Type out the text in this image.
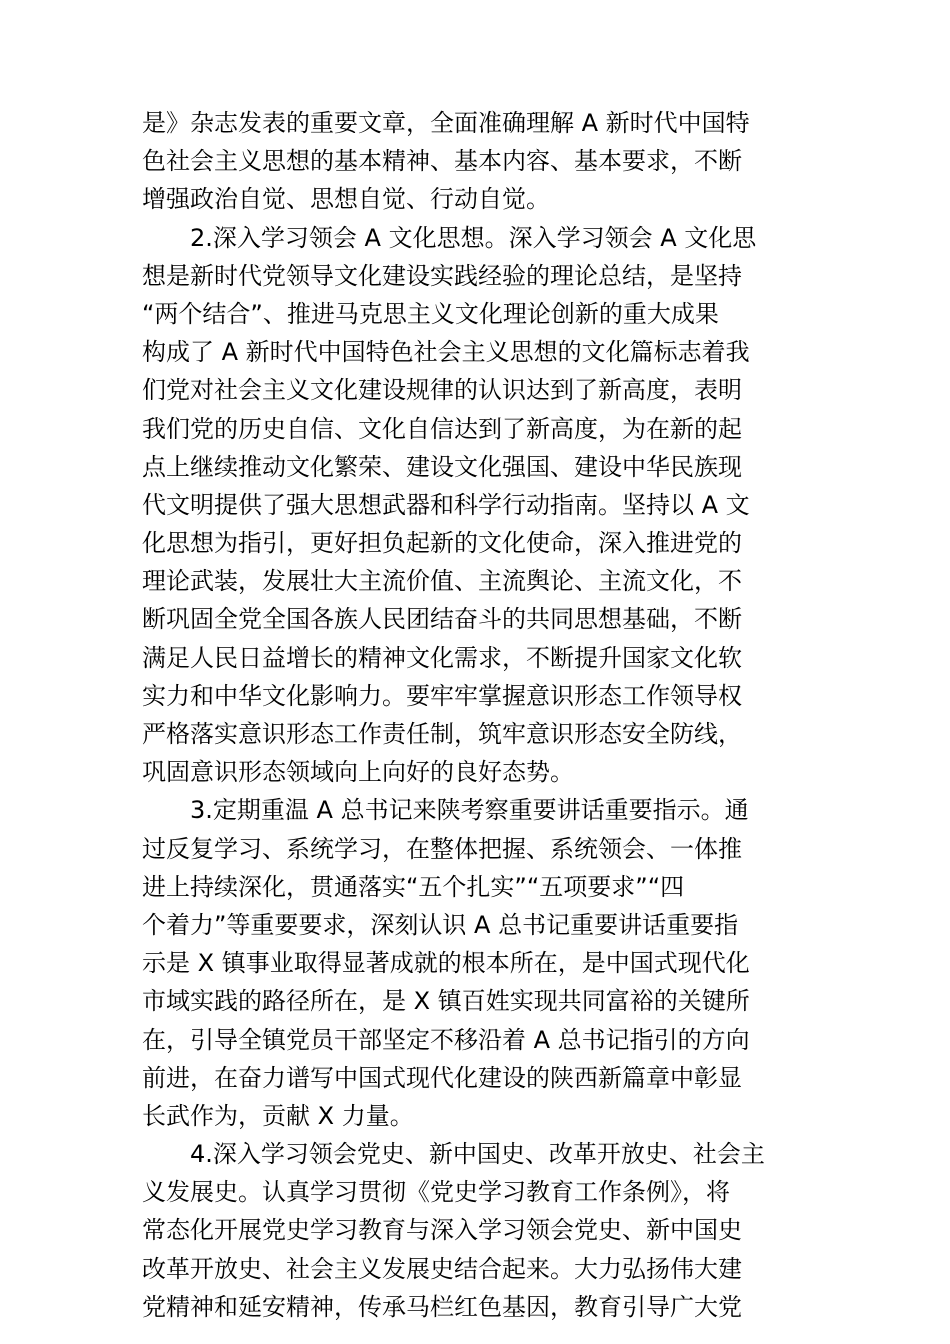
是》杂志发表的重要文章，全面准确理解 A 新时代中国特
色社会主义思想的基本精神、基本内容、基本要求，不断
增强政治自觉、思想自觉、行动自觉。
2.深入学习领会 A 文化思想。深入学习领会 A 文化思
想是新时代党领导文化建设实践经验的理论总结，是坚持
“两个结合”、推进马克思主义文化理论创新的重大成果
构成了 A 新时代中国特色社会主义思想的文化篇标志着我
们党对社会主义文化建设规律的认识达到了新高度，表明
我们党的历史自信、文化自信达到了新高度，为在新的起
点上继续推动文化繁荣、建设文化强国、建设中华民族现
代文明提供了强大思想武器和科学行动指南。坚持以 A 文
化思想为指引，更好担负起新的文化使命，深入推进党的
理论武装，发展壮大主流价值、主流舆论、主流文化，不
断巩固全党全国各族人民团结奋斗的共同思想基础，不断
满足人民日益增长的精神文化需求，不断提升国家文化软
实力和中华文化影响力。要牢牢掌握意识形态工作领导权
严格落实意识形态工作责任制，筑牢意识形态安全防线，
巩固意识形态领域向上向好的良好态势。
3.定期重温 A 总书记来陕考察重要讲话重要指示。通
过反复学习、系统学习，在整体把握、系统领会、一体推
进上持续深化，贯通落实“五个扎实”“五项要求”“四
个着力”等重要要求，深刻认识 A 总书记重要讲话重要指
示是 X 镇事业取得显著成就的根本所在，是中国式现代化
市域实践的路径所在，是 X 镇百姓实现共同富裕的关键所
在，引导全镇党员干部坚定不移沿着 A 总书记指引的方向
前进，在奋力谱写中国式现代化建设的陕西新篇章中彰显
长武作为，贡献 X 力量。
4.深入学习领会党史、新中国史、改革开放史、社会主
义发展史。认真学习贯彻《党史学习教育工作条例》，将
常态化开展党史学习教育与深入学习领会党史、新中国史
改革开放史、社会主义发展史结合起来。大力弘扬伟大建
党精神和延安精神，传承马栏红色基因，教育引导广大党
